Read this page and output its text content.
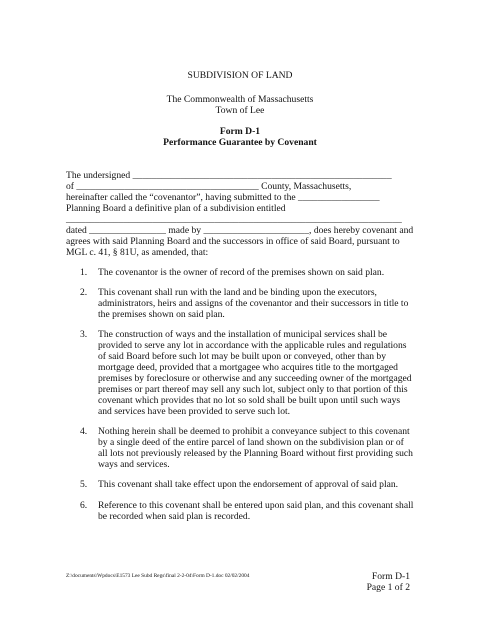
SUBDIVISION OF LAND

The Commonwealth of Massachusetts

Town of Lee

Form D-1

Performance Guarantee by Covenant

The undersigned ______________________________________________________

of ______________________________________ County, Massachusetts,

hereinafter called the “covenantor”, having submitted to the _________________

Planning Board a definitive plan of a subdivision entitled

______________________________________________________________________

dated ________________ made by ______________________, does hereby covenant and

agrees with said Planning Board and the successors in office of said Board, pursuant to

MGL c. 41, § 81U, as amended, that:

1. The covenantor is the owner of record of the premises shown on said plan.

2. This covenant shall run with the land and be binding upon the executors,

administrators, heirs and assigns of the covenantor and their successors in title to

the premises shown on said plan.

3. The construction of ways and the installation of municipal services shall be

provided to serve any lot in accordance with the applicable rules and regulations

of said Board before such lot may be built upon or conveyed, other than by

mortgage deed, provided that a mortgagee who acquires title to the mortgaged

premises by foreclosure or otherwise and any succeeding owner of the mortgaged

premises or part thereof may sell any such lot, subject only to that portion of this

covenant which provides that no lot so sold shall be built upon until such ways

and services have been provided to serve such lot.

4. Nothing herein shall be deemed to prohibit a conveyance subject to this covenant

by a single deed of the entire parcel of land shown on the subdivision plan or of

all lots not previously released by the Planning Board without first providing such

ways and services.

5. This covenant shall take effect upon the endorsement of approval of said plan.

6. Reference to this covenant shall be entered upon said plan, and this covenant shall

be recorded when said plan is recorded.

Z:\documents\Wpdocs\E1573 Lee Subd Regs\final 2-2-04\Form D-1.doc 02/02/2004	Form D-1

Page 1 of 2
